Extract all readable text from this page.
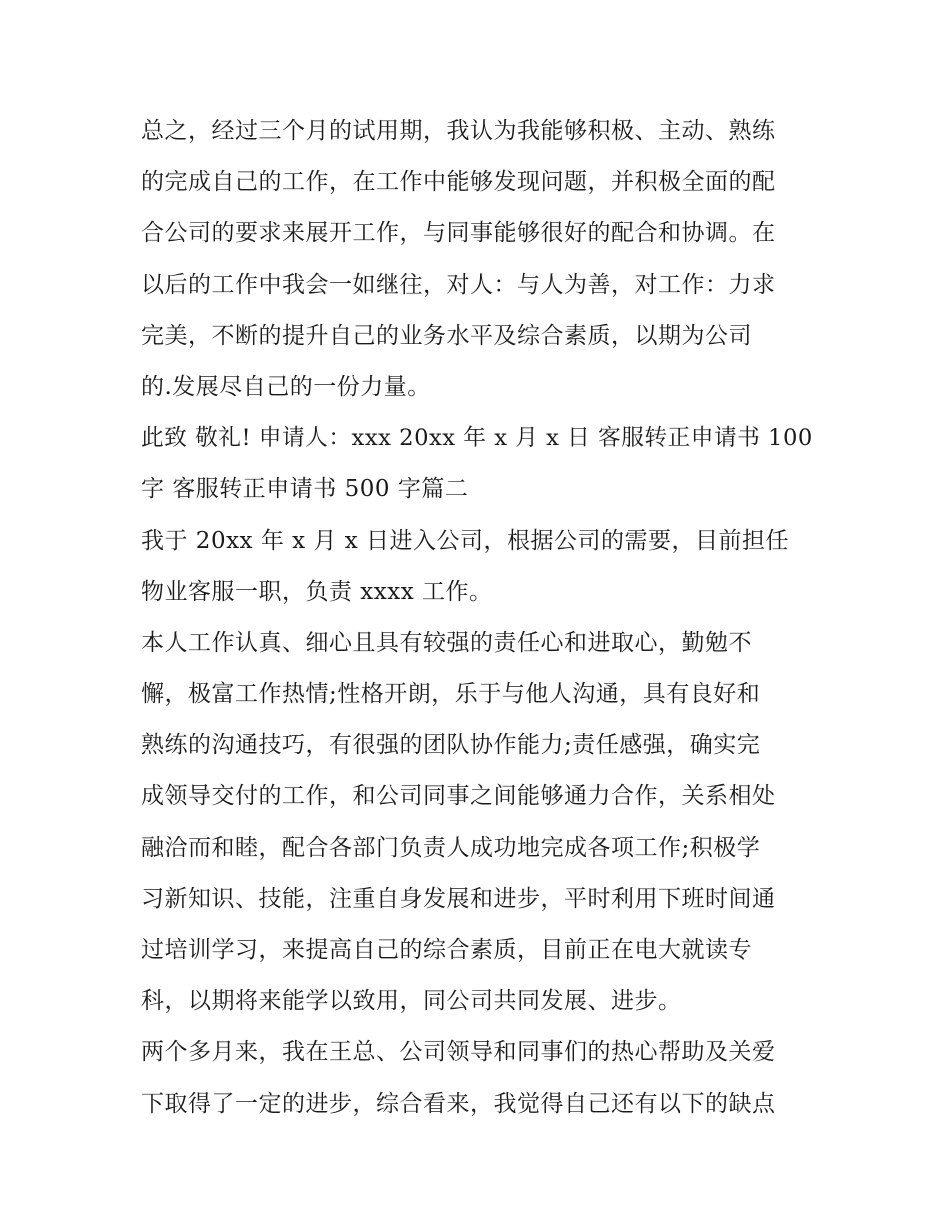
总之，经过三个月的试用期，我认为我能够积极、主动、熟练
的完成自己的工作，在工作中能够发现问题，并积极全面的配
合公司的要求来展开工作，与同事能够很好的配合和协调。在
以后的工作中我会一如继往，对人：与人为善，对工作：力求
完美，不断的提升自己的业务水平及综合素质，以期为公司
的.发展尽自己的一份力量。
此致 敬礼! 申请人：xxx 20xx 年 x 月 x 日 客服转正申请书 100
字 客服转正申请书 500 字篇二
我于 20xx 年 x 月 x 日进入公司，根据公司的需要，目前担任
物业客服一职，负责 xxxx 工作。
本人工作认真、细心且具有较强的责任心和进取心，勤勉不
懈，极富工作热情;性格开朗，乐于与他人沟通，具有良好和
熟练的沟通技巧，有很强的团队协作能力;责任感强，确实完
成领导交付的工作，和公司同事之间能够通力合作，关系相处
融洽而和睦，配合各部门负责人成功地完成各项工作;积极学
习新知识、技能，注重自身发展和进步，平时利用下班时间通
过培训学习，来提高自己的综合素质，目前正在电大就读专
科，以期将来能学以致用，同公司共同发展、进步。
两个多月来，我在王总、公司领导和同事们的热心帮助及关爱
下取得了一定的进步，综合看来，我觉得自己还有以下的缺点
